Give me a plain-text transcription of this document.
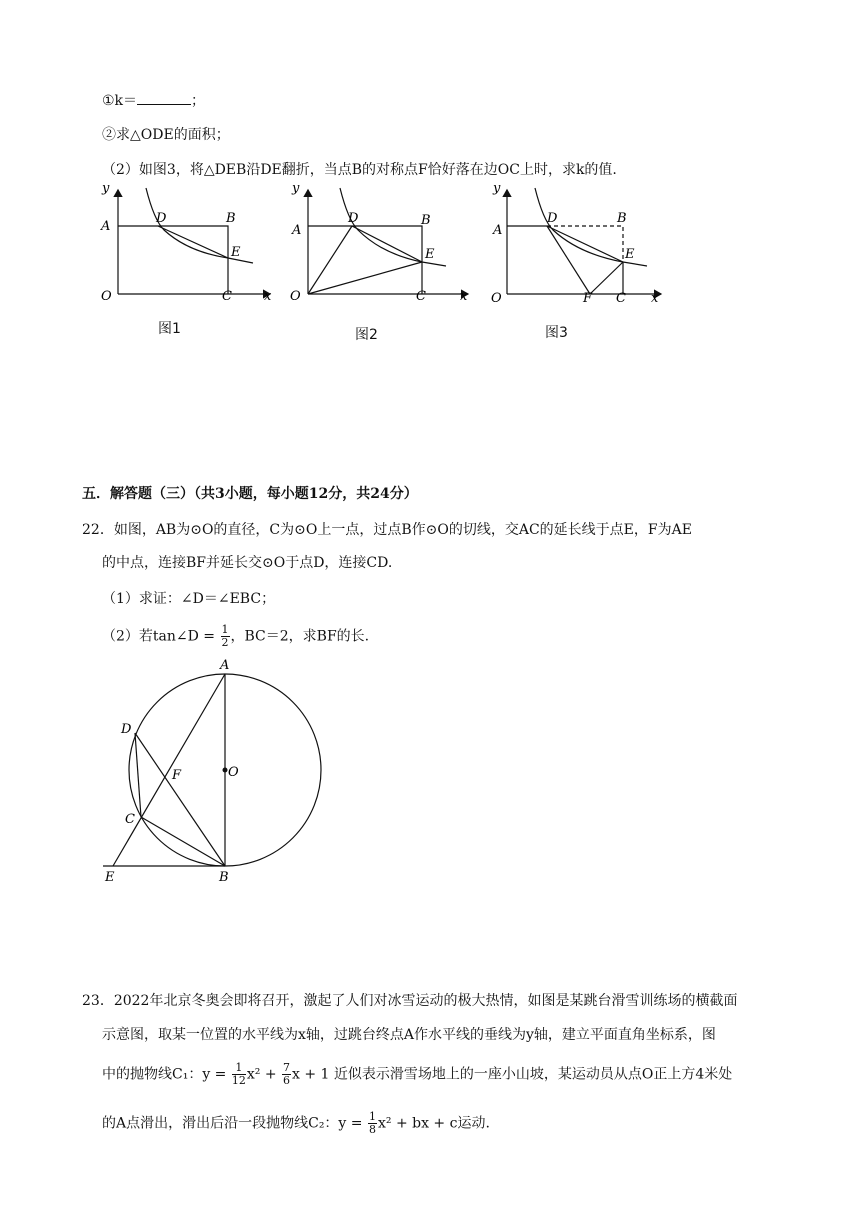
①k＝	；
②求△ODE的面积；
（2）如图3，将△DEB沿DE翻折，当点B的对称点F恰好落在边OC上时，求k的值.
y
A
D	B
E
O	C x
图1
y
A
D	B
E
O	C	x
图2
y
A
D	B
E
O	F C x
图3
五．解答题（三）（共3小题，每小题12分，共24分）
22．如图，AB为⊙O的直径，C为⊙O上一点，过点B作⊙O的切线，交AC的延长线于点E，F为AE
的中点，连接BF并延长交⊙O于点D，连接CD.
（1）求证：∠D＝∠EBC；
（2）若tan∠D = $\frac{1}{2}$ ，BC＝2，求BF的长.
A
D
F	O
C
E	B
23．2022年北京冬奥会即将召开，激起了人们对冰雪运动的极大热情，如图是某跳台滑雪训练场的横截面
示意图，取某一位置的水平线为x轴，过跳台终点A作水平线的垂线为y轴，建立平面直角坐标系，图
中的抛物线C₁：$y = \frac{1}{12} x^2 + \frac{7}{6}$ x + 1 近似表示滑雪场地上的一座小山坡，某运动员从点O正上方4米处
的A点滑出，滑出后沿一段抛物线C₂：$y = \frac{1}{8} x^2$ + bx + c运动.
